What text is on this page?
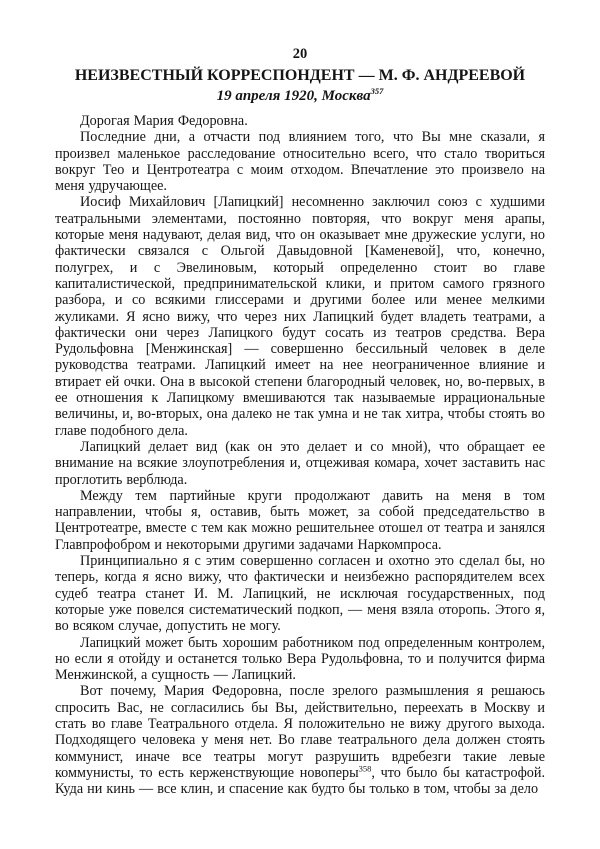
20
НЕИЗВЕСТНЫЙ КОРРЕСПОНДЕНТ — М. Ф. АНДРЕЕВОЙ
19 апреля 1920, Москва$^{357}$

Дорогая Мария Федоровна.

Последние дни, а отчасти под влиянием того, что Вы мне сказали, я произвел маленькое расследование относительно всего, что стало твориться вокруг Тео и Центротеатра с моим отходом. Впечатление это произвело на меня удручающее.

Иосиф Михайлович [Лапицкий] несомненно заключил союз с худшими театральными элементами, постоянно повторяя, что вокруг меня арапы, которые меня надувают, делая вид, что он оказывает мне дружеские услуги, но фактически связался с Ольгой Давыдовной [Каменевой], что, конечно, полугрех, и с Эвелиновым, который определенно стоит во главе капиталистической, предпринимательской клики, и притом самого грязного разбора, и со всякими глиссерами и другими более или менее мелкими жуликами. Я ясно вижу, что через них Лапицкий будет владеть театрами, а фактически они через Лапицкого будут сосать из театров средства. Вера Рудольфовна [Менжинская] — совершенно бессильный человек в деле руководства театрами. Лапицкий имеет на нее неограниченное влияние и втирает ей очки. Она в высокой степени благородный человек, но, во-первых, в ее отношения к Лапицкому вмешиваются так называемые иррациональные величины, и, во-вторых, она далеко не так умна и не так хитра, чтобы стоять во главе подобного дела.

Лапицкий делает вид (как он это делает и со мной), что обращает ее внимание на всякие злоупотребления и, отцеживая комара, хочет заставить нас проглотить верблюда.

Между тем партийные круги продолжают давить на меня в том направлении, чтобы я, оставив, быть может, за собой председательство в Центротеатре, вместе с тем как можно решительнее отошел от театра и занялся Главпрофобром и некоторыми другими задачами Наркомпроса.

Принципиально я с этим совершенно согласен и охотно это сделал бы, но теперь, когда я ясно вижу, что фактически и неизбежно распорядителем всех судеб театра станет И. М. Лапицкий, не исключая государственных, под которые уже повелся систематический подкоп, — меня взяла оторопь. Этого я, во всяком случае, допустить не могу.

Лапицкий может быть хорошим работником под определенным контролем, но если я отойду и останется только Вера Рудольфовна, то и получится фирма Менжинской, а сущность — Лапицкий.

Вот почему, Мария Федоровна, после зрелого размышления я решаюсь спросить Вас, не согласились бы Вы, действительно, переехать в Москву и стать во главе Театрального отдела. Я положительно не вижу другого выхода. Подходящего человека у меня нет. Во главе театрального дела должен стоять коммунист, иначе все театры могут разрушить вдребезги такие левые коммунисты, то есть керженствующие новоперы$^{358}$, что было бы катастрофой. Куда ни кинь — все клин, и спасение как будто бы только в том, чтобы за дело
